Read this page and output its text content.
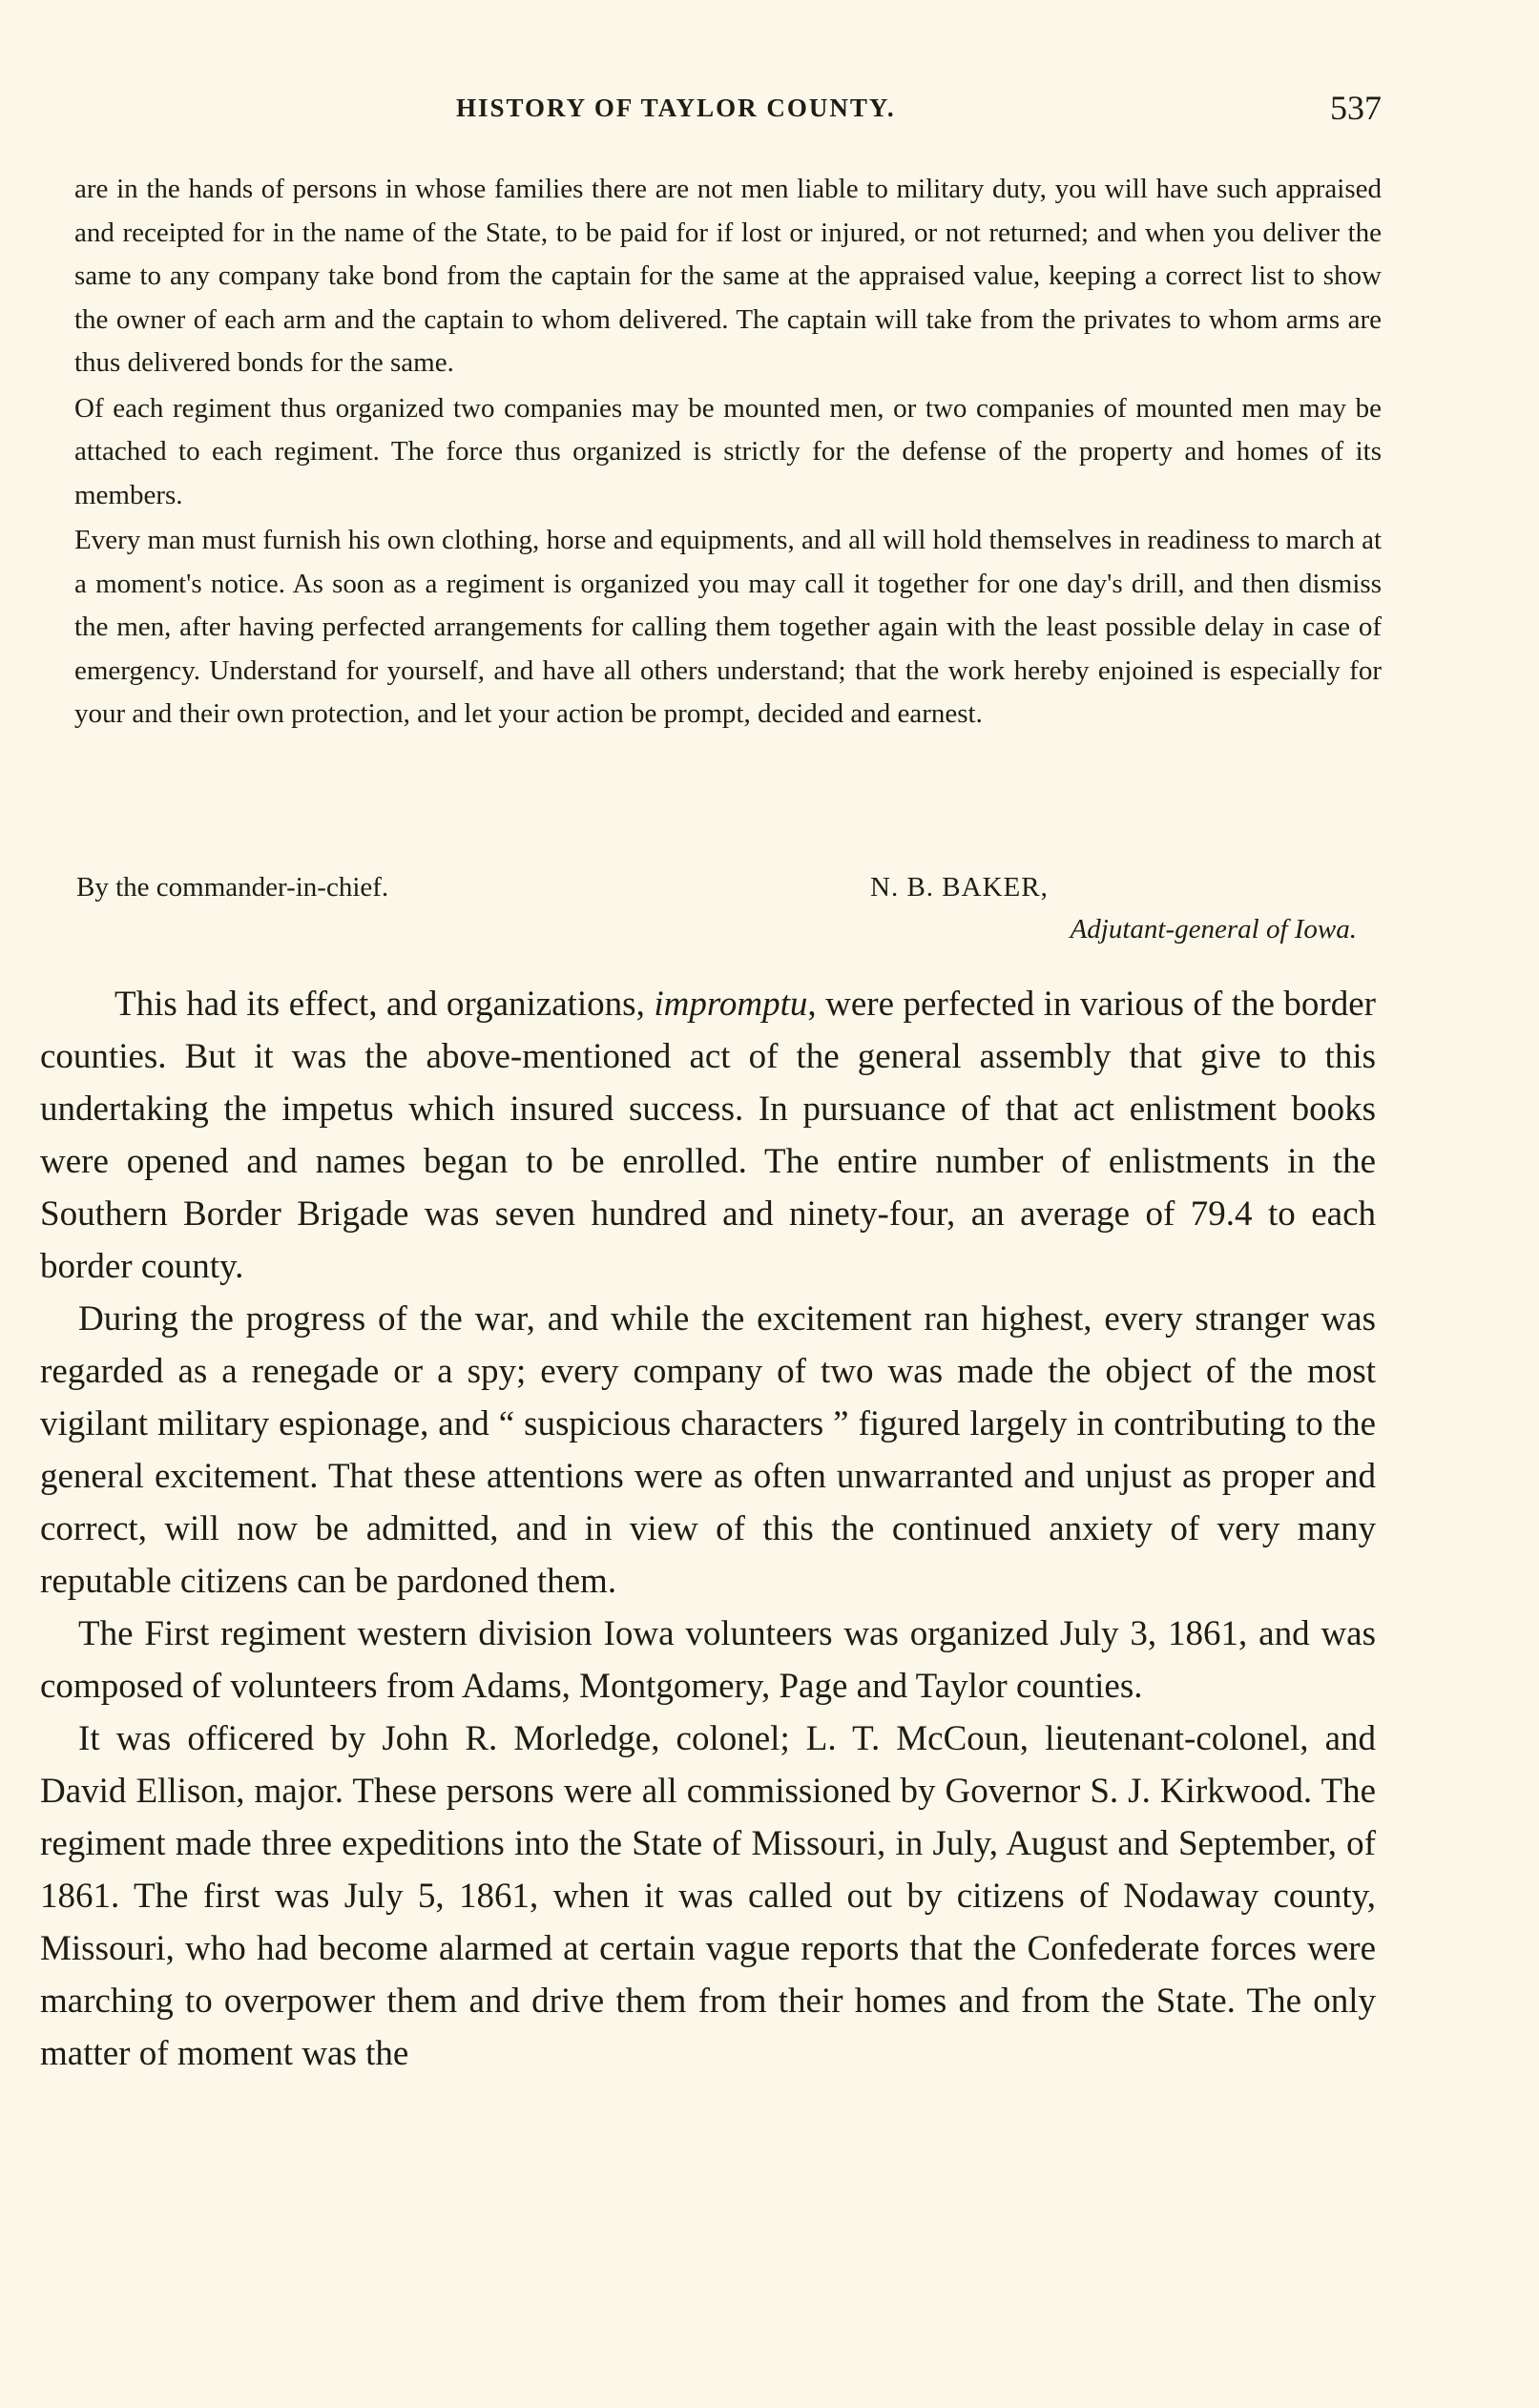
HISTORY OF TAYLOR COUNTY.	537

are in the hands of persons in whose families there are not men liable to military duty, you will have such appraised and receipted for in the name of the State, to be paid for if lost or injured, or not returned; and when you deliver the same to any company take bond from the captain for the same at the appraised value, keeping a correct list to show the owner of each arm and the captain to whom delivered. The captain will take from the privates to whom arms are thus delivered bonds for the same.

Of each regiment thus organized two companies may be mounted men, or two companies of mounted men may be attached to each regiment. The force thus organized is strictly for the defense of the property and homes of its members.

Every man must furnish his own clothing, horse and equipments, and all will hold themselves in readiness to march at a moment's notice. As soon as a regiment is organized you may call it together for one day's drill, and then dismiss the men, after having perfected arrangements for calling them together again with the least possible delay in case of emergency. Understand for yourself, and have all others understand; that the work hereby enjoined is especially for your and their own protection, and let your action be prompt, decided and earnest.

By the commander-in-chief.	N. B. BAKER,
Adjutant-general of Iowa.

This had its effect, and organizations, impromptu, were perfected in various of the border counties. But it was the above-mentioned act of the general assembly that give to this undertaking the impetus which insured success. In pursuance of that act enlistment books were opened and names began to be enrolled. The entire number of enlistments in the Southern Border Brigade was seven hundred and ninety-four, an average of 79.4 to each border county.

During the progress of the war, and while the excitement ran highest, every stranger was regarded as a renegade or a spy; every company of two was made the object of the most vigilant military espionage, and “ suspicious characters ” figured largely in contributing to the general excitement. That these attentions were as often unwarranted and unjust as proper and correct, will now be admitted, and in view of this the continued anxiety of very many reputable citizens can be pardoned them.

The First regiment western division Iowa volunteers was organized July 3, 1861, and was composed of volunteers from Adams, Montgomery, Page and Taylor counties.

It was officered by John R. Morledge, colonel; L. T. McCoun, lieutenant-colonel, and David Ellison, major. These persons were all commissioned by Governor S. J. Kirkwood. The regiment made three expeditions into the State of Missouri, in July, August and September, of 1861. The first was July 5, 1861, when it was called out by citizens of Nodaway county, Missouri, who had become alarmed at certain vague reports that the Confederate forces were marching to overpower them and drive them from their homes and from the State. The only matter of moment was the
